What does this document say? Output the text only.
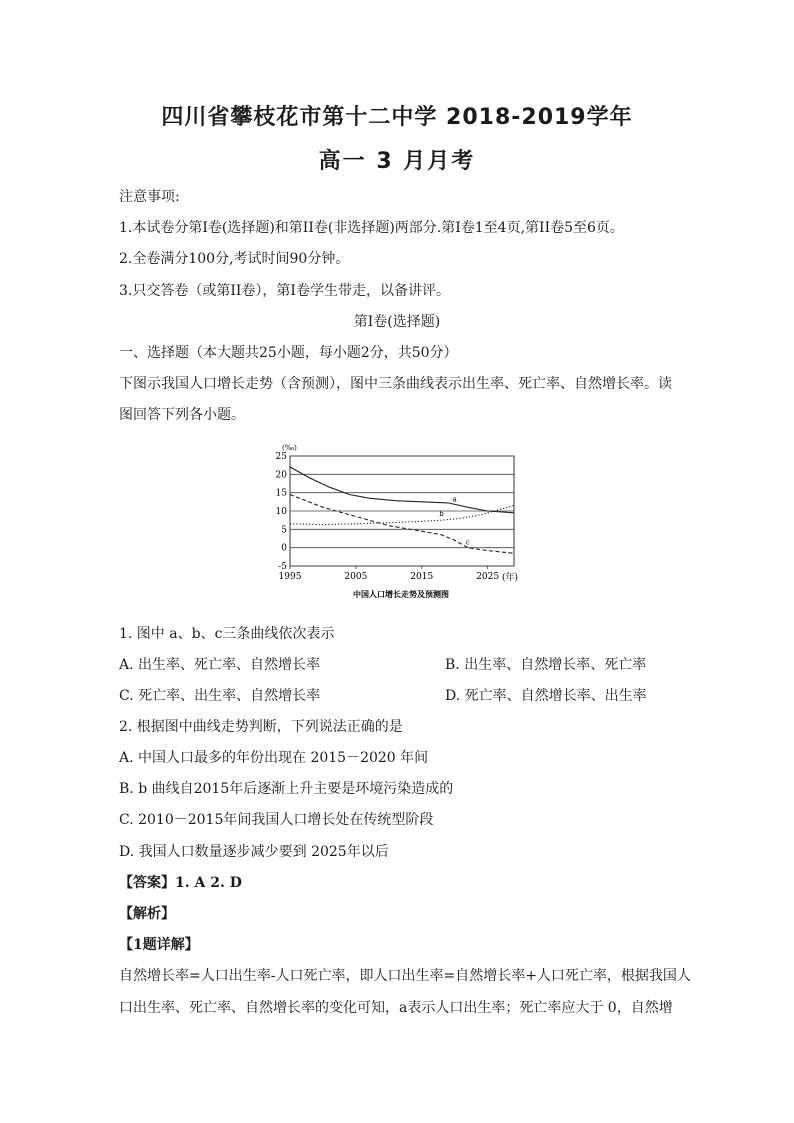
四川省攀枝花市第十二中学 2018-2019学年
高一 3 月月考
注意事项:
1.本试卷分第Ⅰ卷(选择题)和第II卷(非选择题)两部分.第Ⅰ卷1至4页,第II卷5至6页。
2.全卷满分100分,考试时间90分钟。
3.只交答卷（或第II卷），第Ⅰ卷学生带走，以备讲评。
第Ⅰ卷(选择题)
一、选择题（本大题共25小题，每小题2分，共50分）
下图示我国人口增长走势（含预测），图中三条曲线表示出生率、死亡率、自然增长率。读
图回答下列各小题。
25
20
15
10
5
0
-5
1995	2005	2015	2025
a
b
c
(‰)
(年)
中国人口增长走势及预测图
1. 图中 a、b、c三条曲线依次表示
A. 出生率、死亡率、自然增长率	B. 出生率、自然增长率、死亡率
C. 死亡率、出生率、自然增长率	D. 死亡率、自然增长率、出生率
2. 根据图中曲线走势判断，下列说法正确的是
A. 中国人口最多的年份出现在 2015－2020 年间
B. b 曲线自2015年后逐渐上升主要是环境污染造成的
C. 2010－2015年间我国人口增长处在传统型阶段
D. 我国人口数量逐步减少要到 2025年以后
【答案】1. A 2. D
【解析】
【1题详解】
自然增长率=人口出生率-人口死亡率，即人口出生率=自然增长率+人口死亡率，根据我国人
口出生率、死亡率、自然增长率的变化可知，a表示人口出生率；死亡率应大于 0，自然增
